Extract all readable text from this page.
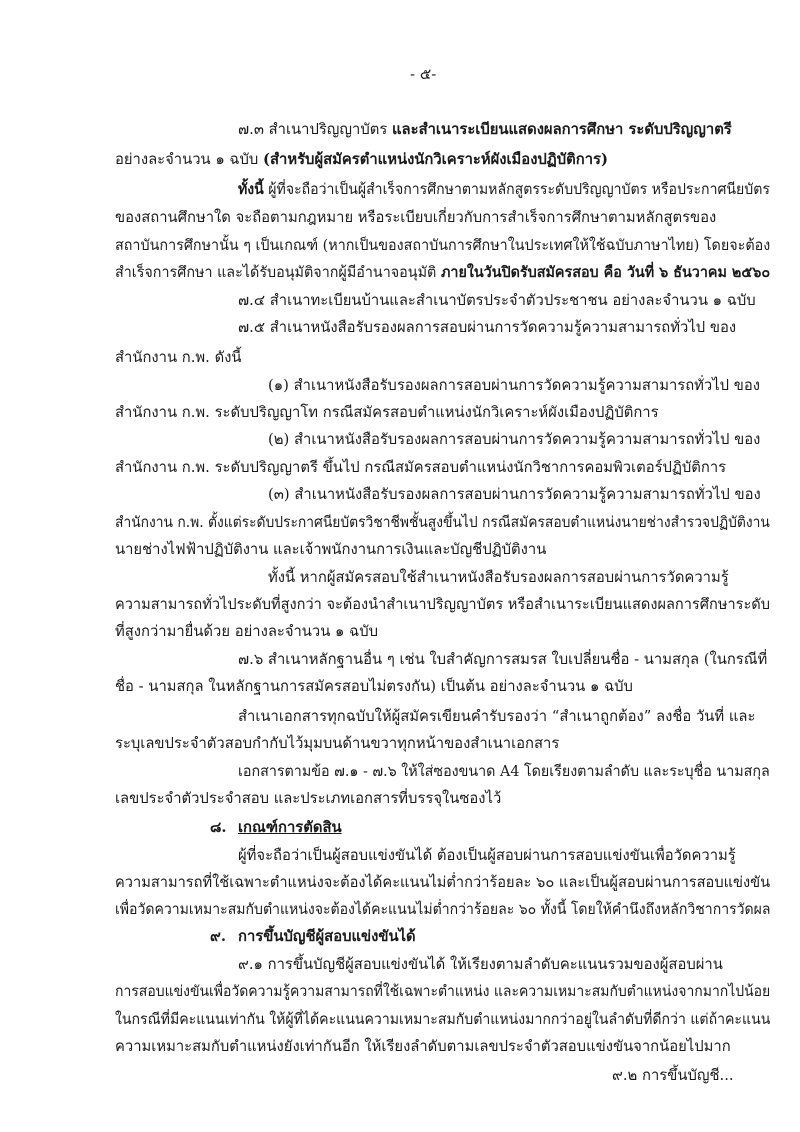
- ๕-
๗.๓ สำเนาปริญญาบัตร และสำเนาระเบียนแสดงผลการศึกษา ระดับปริญญาตรี
อย่างละจำนวน ๑ ฉบับ (สำหรับผู้สมัครตำแหน่งนักวิเคราะห์ผังเมืองปฏิบัติการ)
ทั้งนี้ ผู้ที่จะถือว่าเป็นผู้สำเร็จการศึกษาตามหลักสูตรระดับปริญญาบัตร หรือประกาศนียบัตร
ของสถานศึกษาใด จะถือตามกฎหมาย หรือระเบียบเกี่ยวกับการสำเร็จการศึกษาตามหลักสูตรของ
สถาบันการศึกษานั้น ๆ เป็นเกณฑ์ (หากเป็นของสถาบันการศึกษาในประเทศให้ใช้ฉบับภาษาไทย) โดยจะต้อง
สำเร็จการศึกษา และได้รับอนุมัติจากผู้มีอำนาจอนุมัติ ภายในวันปิดรับสมัครสอบ คือ วันที่ ๖ ธันวาคม ๒๕๖๐
๗.๔ สำเนาทะเบียนบ้านและสำเนาบัตรประจำตัวประชาชน อย่างละจำนวน ๑ ฉบับ
๗.๕ สำเนาหนังสือรับรองผลการสอบผ่านการวัดความรู้ความสามารถทั่วไป ของ
สำนักงาน ก.พ. ดังนี้
(๑) สำเนาหนังสือรับรองผลการสอบผ่านการวัดความรู้ความสามารถทั่วไป ของ
สำนักงาน ก.พ. ระดับปริญญาโท กรณีสมัครสอบตำแหน่งนักวิเคราะห์ผังเมืองปฏิบัติการ
(๒) สำเนาหนังสือรับรองผลการสอบผ่านการวัดความรู้ความสามารถทั่วไป ของ
สำนักงาน ก.พ. ระดับปริญญาตรี ขึ้นไป กรณีสมัครสอบตำแหน่งนักวิชาการคอมพิวเตอร์ปฏิบัติการ
(๓) สำเนาหนังสือรับรองผลการสอบผ่านการวัดความรู้ความสามารถทั่วไป ของ
สำนักงาน ก.พ. ตั้งแต่ระดับประกาศนียบัตรวิชาชีพชั้นสูงขึ้นไป กรณีสมัครสอบตำแหน่งนายช่างสำรวจปฏิบัติงาน
นายช่างไฟฟ้าปฏิบัติงาน และเจ้าพนักงานการเงินและบัญชีปฏิบัติงาน
ทั้งนี้ หากผู้สมัครสอบใช้สำเนาหนังสือรับรองผลการสอบผ่านการวัดความรู้
ความสามารถทั่วไประดับที่สูงกว่า จะต้องนำสำเนาปริญญาบัตร หรือสำเนาระเบียนแสดงผลการศึกษาระดับ
ที่สูงกว่ามายื่นด้วย อย่างละจำนวน ๑ ฉบับ
๗.๖ สำเนาหลักฐานอื่น ๆ เช่น ใบสำคัญการสมรส ใบเปลี่ยนชื่อ - นามสกุล (ในกรณีที่
ชื่อ - นามสกุล ในหลักฐานการสมัครสอบไม่ตรงกัน) เป็นต้น อย่างละจำนวน ๑ ฉบับ
สำเนาเอกสารทุกฉบับให้ผู้สมัครเขียนคำรับรองว่า “สำเนาถูกต้อง” ลงชื่อ วันที่ และ
ระบุเลขประจำตัวสอบกำกับไว้มุมบนด้านขวาทุกหน้าของสำเนาเอกสาร
เอกสารตามข้อ ๗.๑ - ๗.๖ ให้ใส่ซองขนาด A4 โดยเรียงตามลำดับ และระบุชื่อ นามสกุล
เลขประจำตัวประจำสอบ และประเภทเอกสารที่บรรจุในซองไว้
๘. เกณฑ์การตัดสิน
ผู้ที่จะถือว่าเป็นผู้สอบแข่งขันได้ ต้องเป็นผู้สอบผ่านการสอบแข่งขันเพื่อวัดความรู้
ความสามารถที่ใช้เฉพาะตำแหน่งจะต้องได้คะแนนไม่ต่ำกว่าร้อยละ ๖๐ และเป็นผู้สอบผ่านการสอบแข่งขัน
เพื่อวัดความเหมาะสมกับตำแหน่งจะต้องได้คะแนนไม่ต่ำกว่าร้อยละ ๖๐ ทั้งนี้ โดยให้คำนึงถึงหลักวิชาการวัดผล
๙. การขึ้นบัญชีผู้สอบแข่งขันได้
๙.๑ การขึ้นบัญชีผู้สอบแข่งขันได้ ให้เรียงตามลำดับคะแนนรวมของผู้สอบผ่าน
การสอบแข่งขันเพื่อวัดความรู้ความสามารถที่ใช้เฉพาะตำแหน่ง และความเหมาะสมกับตำแหน่งจากมากไปน้อย
ในกรณีที่มีคะแนนเท่ากัน ให้ผู้ที่ได้คะแนนความเหมาะสมกับตำแหน่งมากกว่าอยู่ในลำดับที่ดีกว่า แต่ถ้าคะแนน
ความเหมาะสมกับตำแหน่งยังเท่ากันอีก ให้เรียงลำดับตามเลขประจำตัวสอบแข่งขันจากน้อยไปมาก
๙.๒ การขึ้นบัญชี...
